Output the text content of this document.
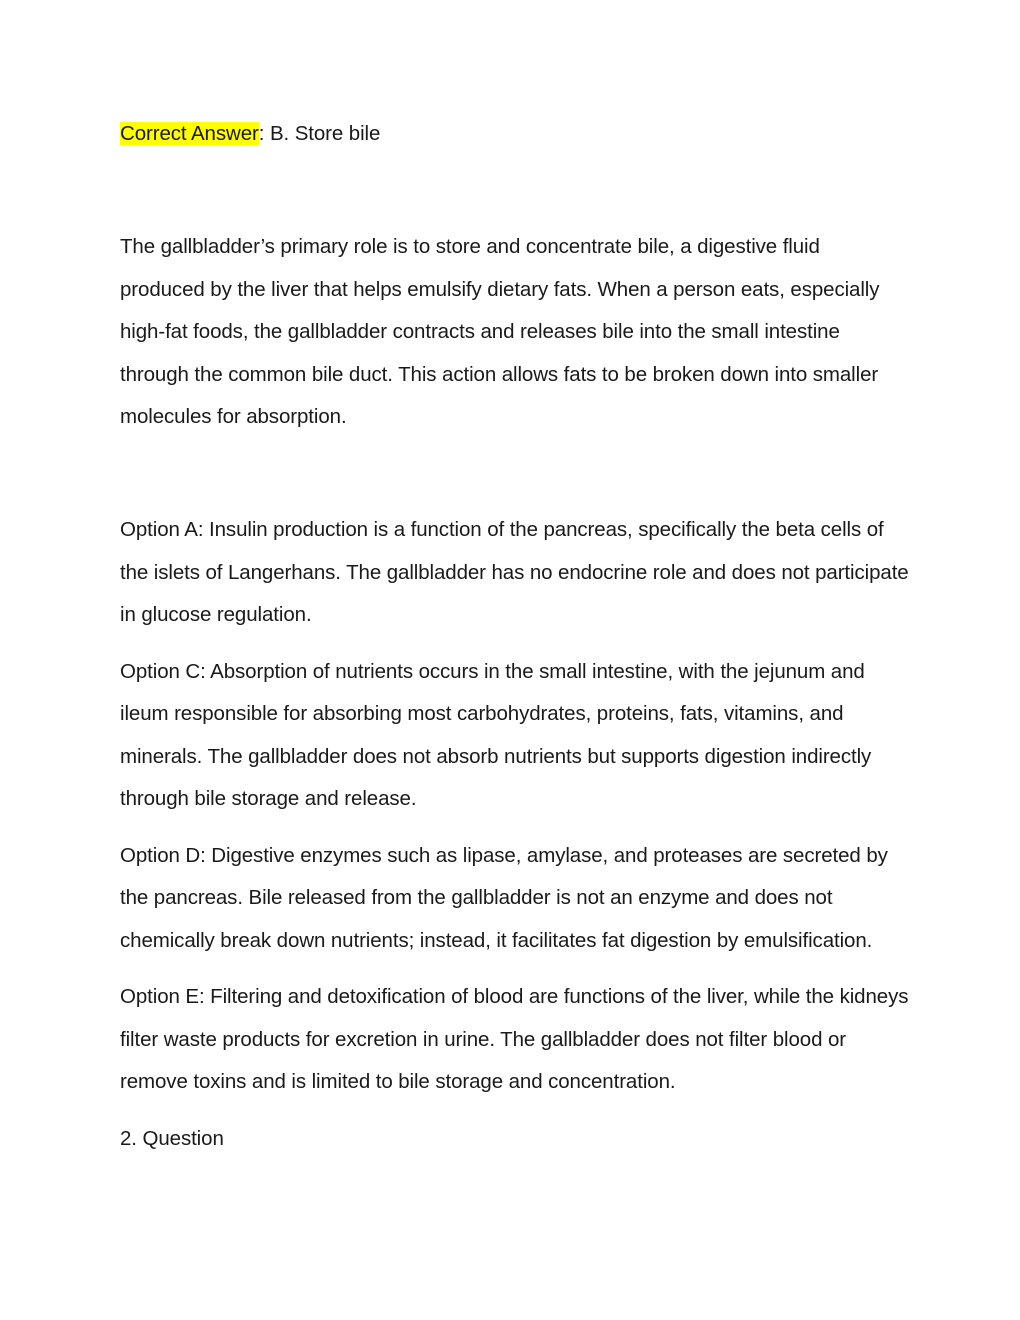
Correct Answer: B. Store bile

The gallbladder’s primary role is to store and concentrate bile, a digestive fluid produced by the liver that helps emulsify dietary fats. When a person eats, especially high-fat foods, the gallbladder contracts and releases bile into the small intestine through the common bile duct. This action allows fats to be broken down into smaller molecules for absorption.

Option A: Insulin production is a function of the pancreas, specifically the beta cells of the islets of Langerhans. The gallbladder has no endocrine role and does not participate in glucose regulation.

Option C: Absorption of nutrients occurs in the small intestine, with the jejunum and ileum responsible for absorbing most carbohydrates, proteins, fats, vitamins, and minerals. The gallbladder does not absorb nutrients but supports digestion indirectly through bile storage and release.

Option D: Digestive enzymes such as lipase, amylase, and proteases are secreted by the pancreas. Bile released from the gallbladder is not an enzyme and does not chemically break down nutrients; instead, it facilitates fat digestion by emulsification.

Option E: Filtering and detoxification of blood are functions of the liver, while the kidneys filter waste products for excretion in urine. The gallbladder does not filter blood or remove toxins and is limited to bile storage and concentration.

2. Question
